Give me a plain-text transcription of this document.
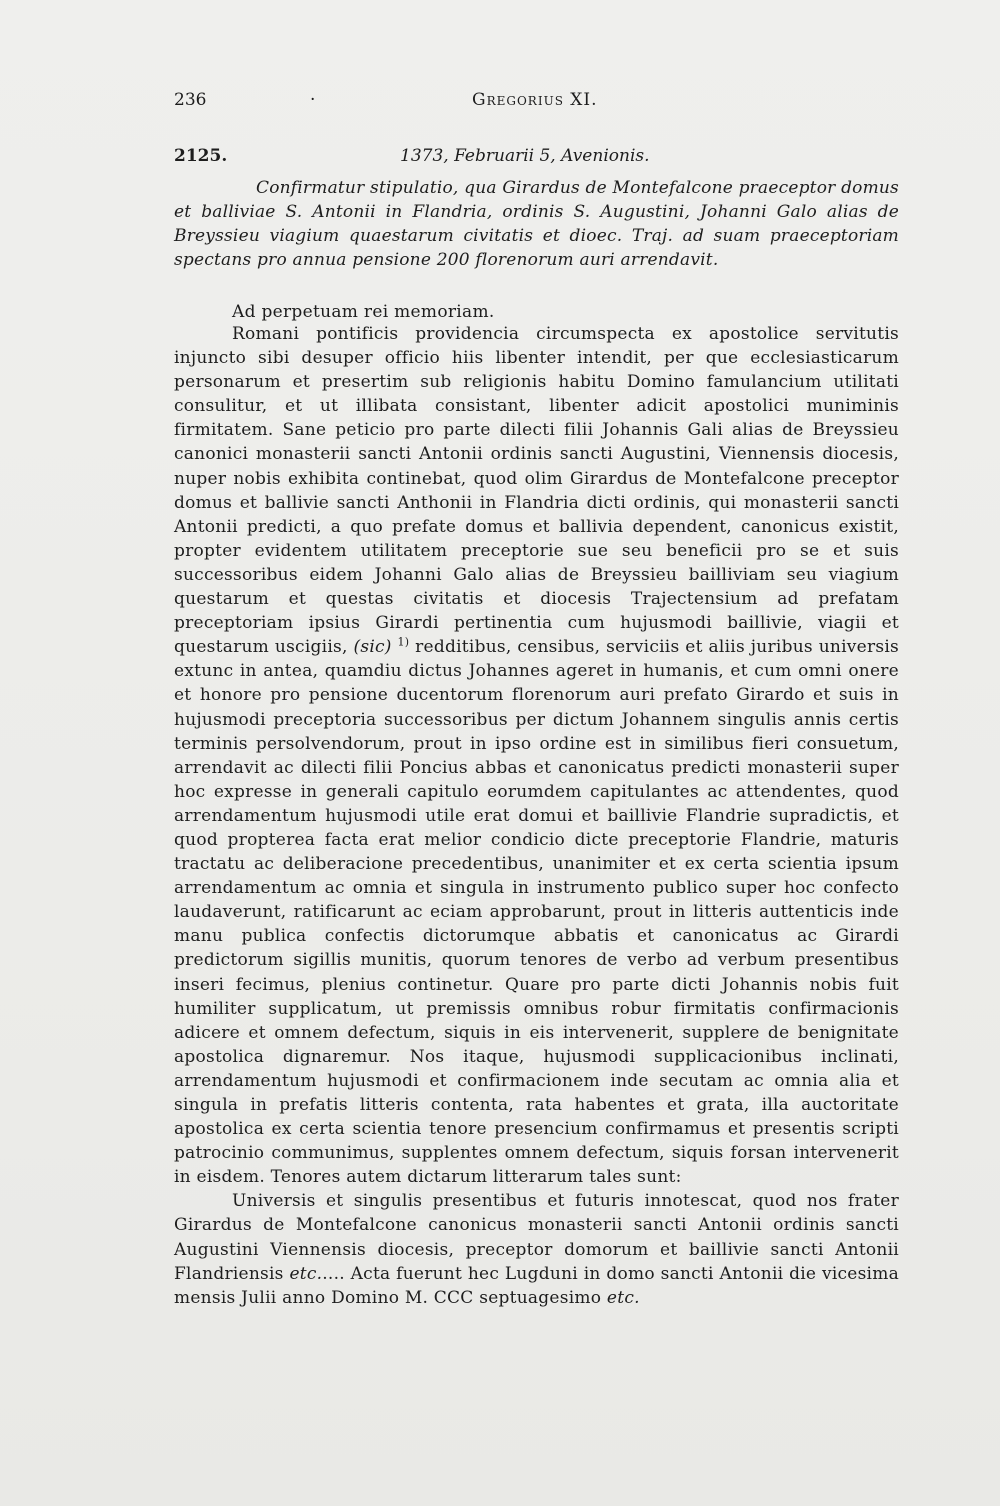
236	·	Gregorius XI.
2125.	1373, Februarii 5, Avenionis.
Confirmatur stipulatio, qua Girardus de Montefalcone praeceptor domus et balliviae S. Antonii in Flandria, ordinis S. Augustini, Johanni Galo alias de Breyssieu viagium quaestarum civitatis et dioec. Traj. ad suam praeceptoriam spectans pro annua pensione 200 florenorum auri arrendavit.
Ad perpetuam rei memoriam.

Romani pontificis providencia circumspecta ex apostolice servitutis injuncto sibi desuper officio hiis libenter intendit, per que ecclesiasticarum personarum et presertim sub religionis habitu Domino famulancium utilitati consulitur, et ut illibata consistant, libenter adicit apostolici muniminis firmitatem. Sane peticio pro parte dilecti filii Johannis Gali alias de Breyssieu canonici monasterii sancti Antonii ordinis sancti Augustini, Viennensis diocesis, nuper nobis exhibita continebat, quod olim Girardus de Montefalcone preceptor domus et ballivie sancti Anthonii in Flandria dicti ordinis, qui monasterii sancti Antonii predicti, a quo prefate domus et ballivia dependent, canonicus existit, propter evidentem utilitatem preceptorie sue seu beneficii pro se et suis successoribus eidem Johanni Galo alias de Breyssieu bailliviam seu viagium questarum et questas civitatis et diocesis Trajectensium ad prefatam preceptoriam ipsius Girardi pertinentia cum hujusmodi baillivie, viagii et questarum uscigiis, (sic) $^{1)}$ redditibus, censibus, serviciis et aliis juribus universis extunc in antea, quamdiu dictus Johannes ageret in humanis, et cum omni onere et honore pro pensione ducentorum florenorum auri prefato Girardo et suis in hujusmodi preceptoria successoribus per dictum Johannem singulis annis certis terminis persolvendorum, prout in ipso ordine est in similibus fieri consuetum, arrendavit ac dilecti filii Poncius abbas et canonicatus predicti monasterii super hoc expresse in generali capitulo eorumdem capitulantes ac attendentes, quod arrendamentum hujusmodi utile erat domui et baillivie Flandrie supradictis, et quod propterea facta erat melior condicio dicte preceptorie Flandrie, maturis tractatu ac deliberacione precedentibus, unanimiter et ex certa scientia ipsum arrendamentum ac omnia et singula in instrumento publico super hoc confecto laudaverunt, ratificarunt ac eciam approbarunt, prout in litteris auttenticis inde manu publica confectis dictorumque abbatis et canonicatus ac Girardi predictorum sigillis munitis, quorum tenores de verbo ad verbum presentibus inseri fecimus, plenius continetur. Quare pro parte dicti Johannis nobis fuit humiliter supplicatum, ut premissis omnibus robur firmitatis confirmacionis adicere et omnem defectum, siquis in eis intervenerit, supplere de benignitate apostolica dignaremur. Nos itaque, hujusmodi supplicacionibus inclinati, arrendamentum hujusmodi et confirmacionem inde secutam ac omnia alia et singula in prefatis litteris contenta, rata habentes et grata, illa auctoritate apostolica ex certa scientia tenore presencium confirmamus et presentis scripti patrocinio communimus, supplentes omnem defectum, siquis forsan intervenerit in eisdem. Tenores autem dictarum litterarum tales sunt:

Universis et singulis presentibus et futuris innotescat, quod nos frater Girardus de Montefalcone canonicus monasterii sancti Antonii ordinis sancti Augustini Viennensis diocesis, preceptor domorum et baillivie sancti Antonii Flandriensis etc..... Acta fuerunt hec Lugduni in domo sancti Antonii die vicesima mensis Julii anno Domino M. CCC septuagesimo etc.
